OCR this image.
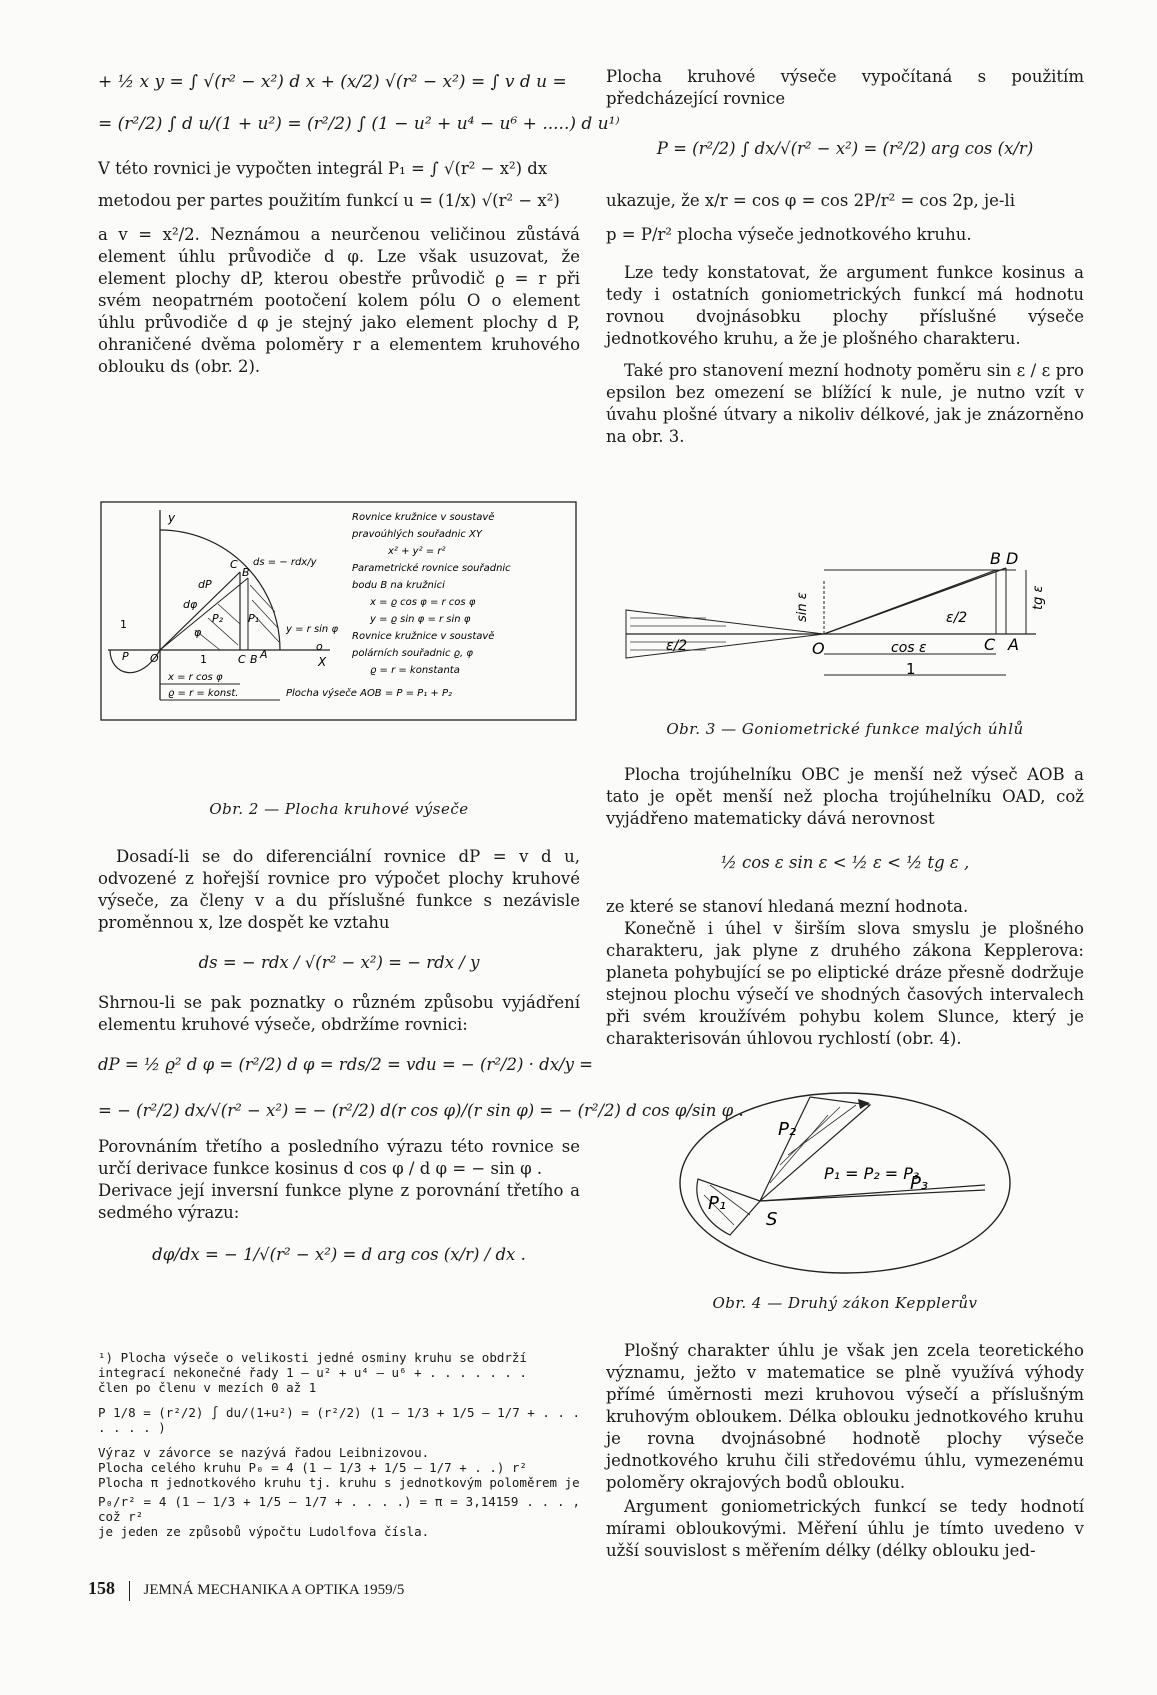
+ ½ x y = ∫ √(r² − x²) d x + (x/2) √(r² − x²) = ∫ v d u =

= (r²/2) ∫ d u/(1 + u²) = (r²/2) ∫ (1 − u² + u⁴ − u⁶ + .....) d u¹⁾

V této rovnici je vypočten integrál P₁ = ∫ √(r² − x²) dx

metodou per partes použitím funkcí u = (1/x) √(r² − x²)

a v = x²/2. Neznámou a neurčenou veličinou zůstává element úhlu průvodiče d φ. Lze však usuzovat, že element plochy dP, kterou obestře průvodič ϱ = r při svém neopatrném pootočení kolem pólu O o element úhlu průvodiče d φ je stejný jako element plochy d P, ohraničené dvěma poloměry r a elementem kruhového oblouku ds (obr. 2).

y
X
dP
dφ
P₂ P₁
φ
C
B
ds = − rdx/y
1
O
P	1	C B A
y = r sin φ
x = r cos φ
ϱ = r = konst.
o
Rovnice kružnice v soustavě
pravoúhlých souřadnic XY
x² + y² = r²
Parametrické rovnice souřadnic
bodu B na kružnici
x = ϱ cos φ = r cos φ
y = ϱ sin φ = r sin φ
Rovnice kružnice v soustavě
polárních souřadnic ϱ, φ
ϱ = r = konstanta
Plocha výseče AOB = P = P₁ + P₂
Obr. 2 — Plocha kruhové výseče

Dosadí-li se do diferenciální rovnice dP = v d u, odvozené z hořejší rovnice pro výpočet plochy kruhové výseče, za členy v a du příslušné funkce s nezávisle proměnnou x, lze dospět ke vztahu

ds = − rdx / √(r² − x²) = − rdx / y

Shrnou-li se pak poznatky o různém způsobu vyjádření elementu kruhové výseče, obdržíme rovnici:

dP = ½ ϱ² d φ = (r²/2) d φ = rds/2 = vdu = − (r²/2) · dx/y =

= − (r²/2) dx/√(r² − x²) = − (r²/2) d(r cos φ)/(r sin φ) = − (r²/2) d cos φ/sin φ .

Porovnáním třetího a posledního výrazu této rovnice se určí derivace funkce kosinus d cos φ / d φ = − sin φ .

Derivace její inversní funkce plyne z porovnání třetího a sedmého výrazu:

dφ/dx = − 1/√(r² − x²) = d arg cos (x/r) / dx .

¹) Plocha výseče o velikosti jedné osminy kruhu se obdrží
integrací nekonečné řady 1 — u² + u⁴ — u⁶ + . . . . . . .
člen po členu v mezích 0 až 1
P 1/8 = (r²/2) ∫ du/(1+u²) = (r²/2) (1 — 1/3 + 1/5 — 1/7 + . . . . . . . )
Výraz v závorce se nazývá řadou Leibnizovou.
Plocha celého kruhu P₀ = 4 (1 — 1/3 + 1/5 — 1/7 + . .) r²
Plocha π jednotkového kruhu tj. kruhu s jednotkovým poloměrem je
P₀/r² = 4 (1 — 1/3 + 1/5 — 1/7 + . . . .) = π = 3,14159 . . . , což r²
je jeden ze způsobů výpočtu Ludolfova čísla.

Plocha kruhové výseče vypočítaná s použitím předcházející rovnice

P = (r²/2) ∫ dx/√(r² − x²) = (r²/2) arg cos (x/r)

ukazuje, že x/r = cos φ = cos 2P/r² = cos 2p, je-li

p = P/r² plocha výseče jednotkového kruhu.

Lze tedy konstatovat, že argument funkce kosinus a tedy i ostatních goniometrických funkcí má hodnotu rovnou dvojnásobku plochy příslušné výseče jednotkového kruhu, a že je plošného charakteru.

Také pro stanovení mezní hodnoty poměru sin ε / ε pro epsilon bez omezení se blížící k nule, je nutno vzít v úvahu plošné útvary a nikoliv délkové, jak je znázorněno na obr. 3.

B D
O	C A
ε/2
ε/2
sin ε	tg ε
cos ε
1
Obr. 3 — Goniometrické funkce malých úhlů

Plocha trojúhelníku OBC je menší než výseč AOB a tato je opět menší než plocha trojúhelníku OAD, což vyjádřeno matematicky dává nerovnost

½ cos ε sin ε < ½ ε < ½ tg ε ,

ze které se stanoví hledaná mezní hodnota.

Konečně i úhel v širším slova smyslu je plošného charakteru, jak plyne z druhého zákona Kepplerova: planeta pohybující se po eliptické dráze přesně dodržuje stejnou plochu výsečí ve shodných časových intervalech při svém kroužívém pohybu kolem Slunce, který je charakterisován úhlovou rychlostí (obr. 4).

P₂
P₁
P₃
S
P₁ = P₂ = P₃
Obr. 4 — Druhý zákon Kepplerův

Plošný charakter úhlu je však jen zcela teoretického významu, ježto v matematice se plně využívá výhody přímé úměrnosti mezi kruhovou výsečí a příslušným kruhovým obloukem. Délka oblouku jednotkového kruhu je rovna dvojnásobné hodnotě plochy výseče jednotkového kruhu čili středovému úhlu, vymezenému poloměry okrajových bodů oblouku.

Argument goniometrických funkcí se tedy hodnotí mírami obloukovými. Měření úhlu je tímto uvedeno v užší souvislost s měřením délky (délky oblouku jed-

158 JEMNÁ MECHANIKA A OPTIKA 1959/5
